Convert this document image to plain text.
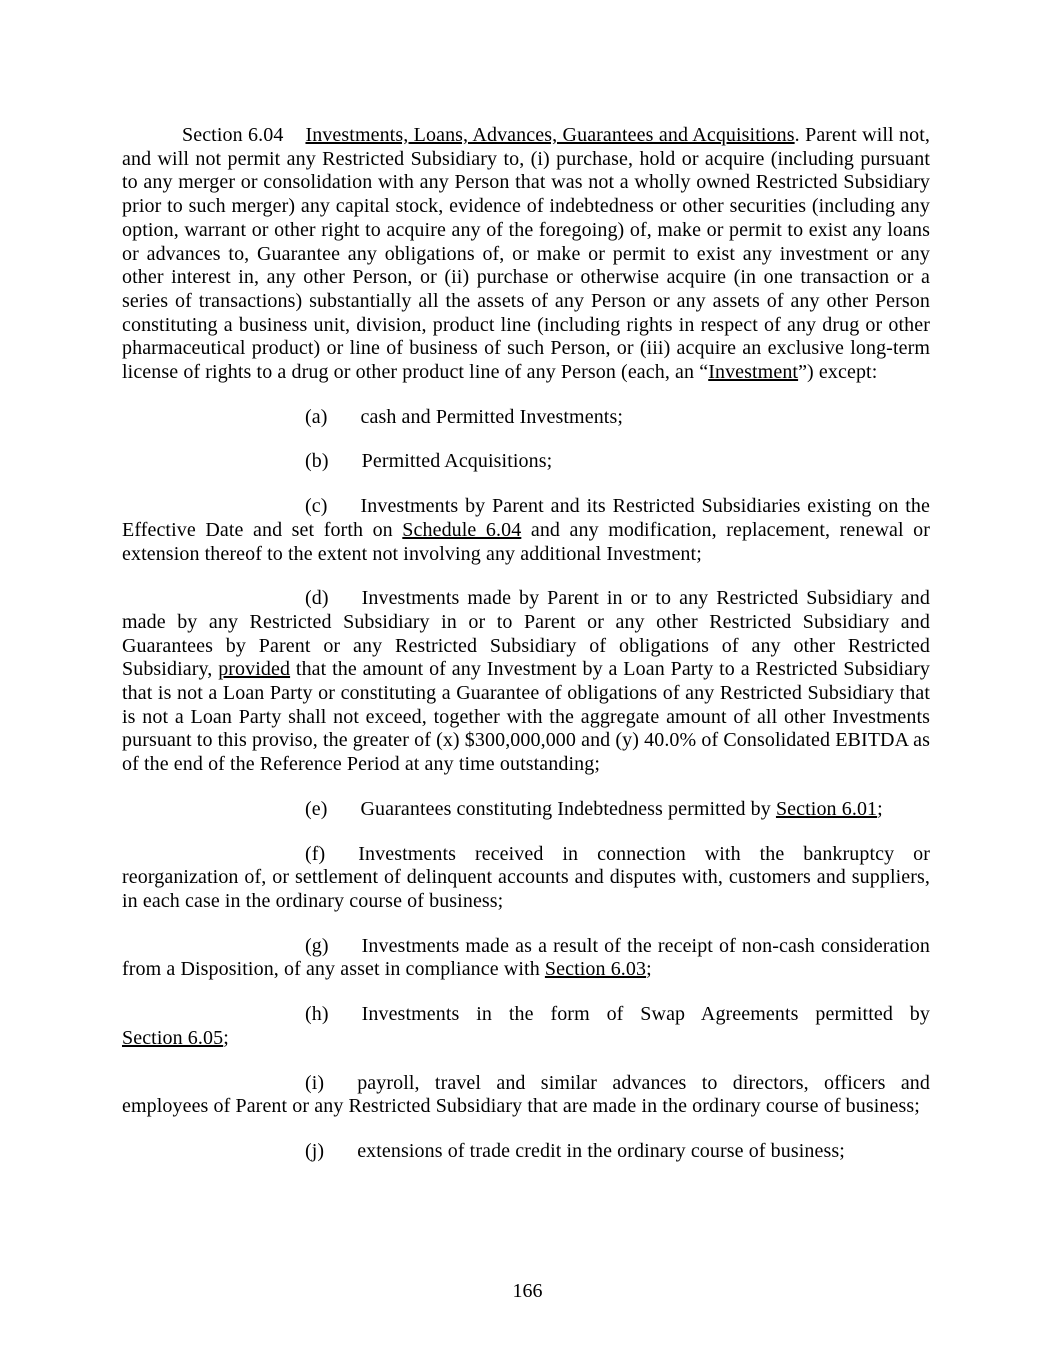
Section 6.04 Investments, Loans, Advances, Guarantees and Acquisitions. Parent will not, and will not permit any Restricted Subsidiary to, (i) purchase, hold or acquire (including pursuant to any merger or consolidation with any Person that was not a wholly owned Restricted Subsidiary prior to such merger) any capital stock, evidence of indebtedness or other securities (including any option, warrant or other right to acquire any of the foregoing) of, make or permit to exist any loans or advances to, Guarantee any obligations of, or make or permit to exist any investment or any other interest in, any other Person, or (ii) purchase or otherwise acquire (in one transaction or a series of transactions) substantially all the assets of any Person or any assets of any other Person constituting a business unit, division, product line (including rights in respect of any drug or other pharmaceutical product) or line of business of such Person, or (iii) acquire an exclusive long-term license of rights to a drug or other product line of any Person (each, an “Investment”) except:

(a) cash and Permitted Investments;

(b) Permitted Acquisitions;

(c) Investments by Parent and its Restricted Subsidiaries existing on the Effective Date and set forth on Schedule 6.04 and any modification, replacement, renewal or extension thereof to the extent not involving any additional Investment;

(d) Investments made by Parent in or to any Restricted Subsidiary and made by any Restricted Subsidiary in or to Parent or any other Restricted Subsidiary and Guarantees by Parent or any Restricted Subsidiary of obligations of any other Restricted Subsidiary, provided that the amount of any Investment by a Loan Party to a Restricted Subsidiary that is not a Loan Party or constituting a Guarantee of obligations of any Restricted Subsidiary that is not a Loan Party shall not exceed, together with the aggregate amount of all other Investments pursuant to this proviso, the greater of (x) $300,000,000 and (y) 40.0% of Consolidated EBITDA as of the end of the Reference Period at any time outstanding;

(e) Guarantees constituting Indebtedness permitted by Section 6.01;

(f) Investments received in connection with the bankruptcy or reorganization of, or settlement of delinquent accounts and disputes with, customers and suppliers, in each case in the ordinary course of business;

(g) Investments made as a result of the receipt of non-cash consideration from a Disposition, of any asset in compliance with Section 6.03;

(h) Investments in the form of Swap Agreements permitted by Section 6.05;

(i) payroll, travel and similar advances to directors, officers and employees of Parent or any Restricted Subsidiary that are made in the ordinary course of business;

(j) extensions of trade credit in the ordinary course of business;

166
